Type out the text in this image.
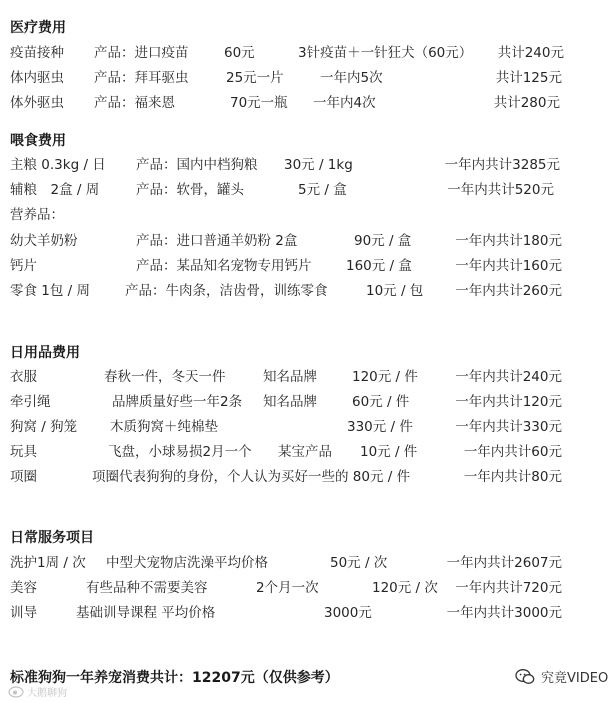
医疗费用
疫苗接种 产品：进口疫苗	60元	3针疫苗＋一针狂犬（60元） 共计240元
体内驱虫 产品：拜耳驱虫	25元一片	一年内5次	共计125元
体外驱虫 产品：福来恩	70元一瓶 一年内4次	共计280元
喂食费用
主粮 0.3kg / 日 产品：国内中档狗粮 30元 / 1kg	一年内共计3285元
辅粮　2盒 / 周	产品：软骨，罐头	5元 / 盒	一年内共计520元
营养品：
幼犬羊奶粉	产品：进口普通羊奶粉 2盒	90元 / 盒	一年内共计180元
钙片	产品：某品知名宠物专用钙片	160元 / 盒	一年内共计160元
零食 1包 / 周	产品：牛肉条，洁齿骨，训练零食	10元 / 包 一年内共计260元
日用品费用
衣服	春秋一件，冬天一件	知名品牌	120元 / 件	一年内共计240元
牵引绳	品牌质量好些一年2条 知名品牌	60元 / 件	一年内共计120元
狗窝 / 狗笼 木质狗窝＋纯棉垫	330元 / 件	一年内共计330元
玩具	飞盘，小球易损2月一个 某宝产品 10元 / 件	一年内共计60元
项圈	项圈代表狗狗的身份，个人认为买好一些的 80元 / 件	一年内共计80元
日常服务项目
洗护1周 / 次 中型犬宠物店洗澡平均价格	50元 / 次	一年内共计2607元
美容	有些品种不需要美容	2个月一次	120元 / 次 一年内共计720元
训导	基础训导课程 平均价格	3000元	一年内共计3000元
标准狗狗一年养宠消费共计：12207元（仅供参考）	究竟VIDEO
大鹅聊狗
